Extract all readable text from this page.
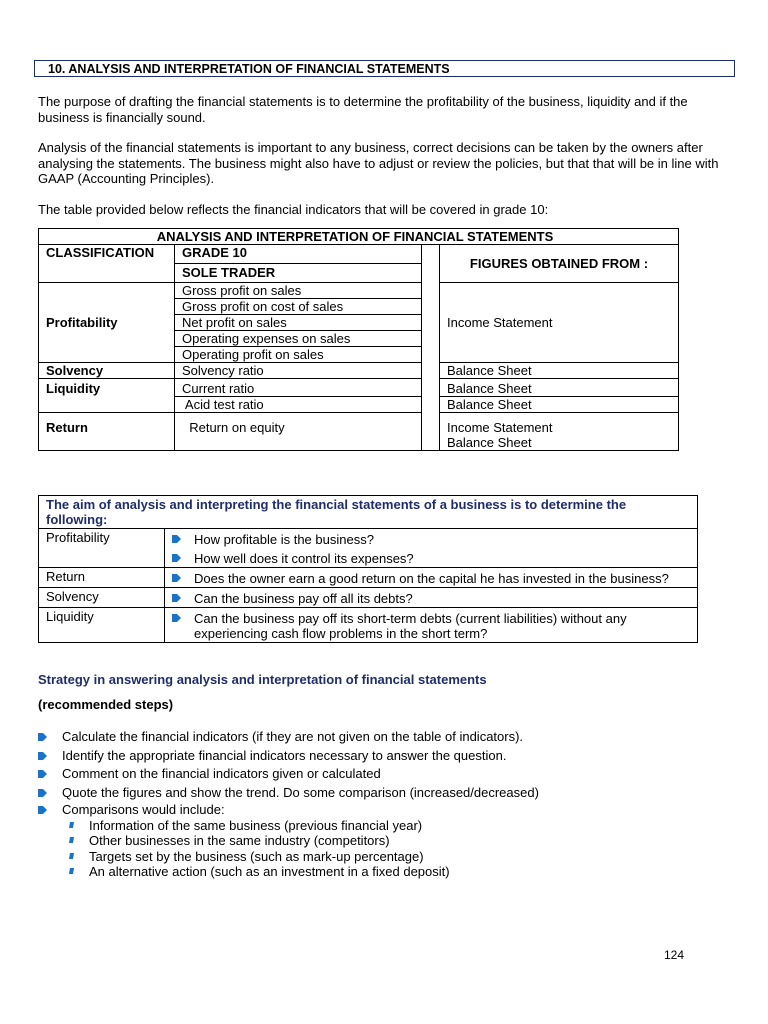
10. ANALYSIS AND INTERPRETATION OF FINANCIAL STATEMENTS
The purpose of drafting the financial statements is to determine the profitability of the business, liquidity and if the business is financially sound.
Analysis of the financial statements is important to any business, correct decisions can be taken by the owners after analysing the statements. The business might also have to adjust or review the policies, but that that will be in line with GAAP (Accounting Principles).
The table provided below reflects the financial indicators that will be covered in grade 10:
ANALYSIS AND INTERPRETATION OF FINANCIAL STATEMENTS			
CLASSIFICATION	GRADE 10
SOLE TRADER		FIGURES OBTAINED FROM :
Profitability	Gross profit on sales
Gross profit on cost of sales
Net profit on sales
Operating expenses on sales
Operating profit on sales		Income Statement
Solvency	Solvency ratio		Balance Sheet
Liquidity	Current ratio		Balance Sheet
	Acid test ratio		Balance Sheet
Return	Return on equity		Income Statement
Balance Sheet
The aim of analysis and interpreting the financial statements of a business is to determine the following:	
Profitability	How profitable is the business?
How well does it control its expenses?

Return	Does the owner earn a good return on the capital he has invested in the business?

Solvency	Can the business pay off all its debts?

Liquidity	Can the business pay off its short-term debts (current liabilities) without any experiencing cash flow problems in the short term?
Strategy in answering analysis and interpretation of financial statements
(recommended steps)
Calculate the financial indicators (if they are not given on the table of indicators).
Identify the appropriate financial indicators necessary to answer the question.
Comment on the financial indicators given or calculated
Quote the figures and show the trend. Do some comparison (increased/decreased)
Comparisons would include:
Information of the same business (previous financial year)
Other businesses in the same industry (competitors)
Targets set by the business (such as mark-up percentage)
An alternative action (such as an investment in a fixed deposit)
124
